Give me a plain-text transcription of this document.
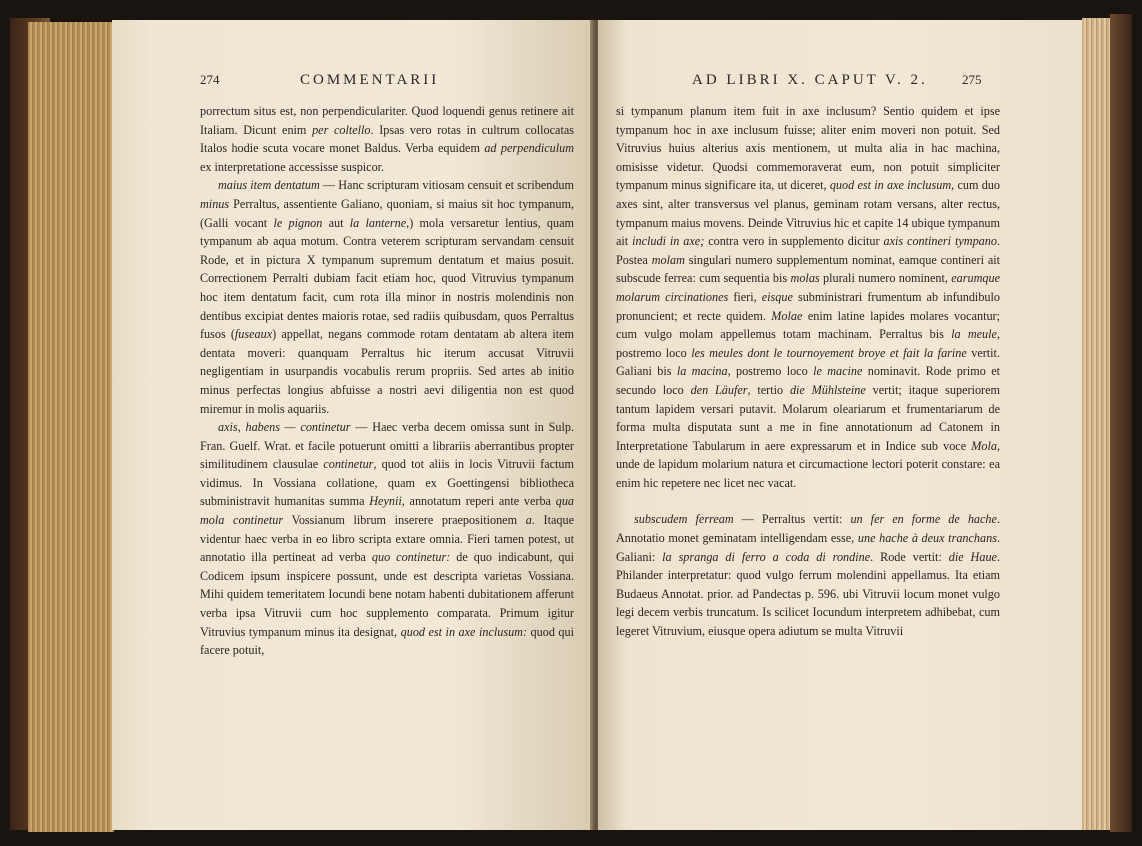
274	COMMENTARII

porrectum situs est, non perpendiculariter. Quod loquendi genus retinere ait Italiam. Dicunt enim per coltello. Ipsas vero rotas in cultrum collocatas Italos hodie scuta vocare monet Baldus. Verba equidem ad perpendiculum ex interpretatione accessisse suspicor.

maius item dentatum — Hanc scripturam vitiosam censuit et scribendum minus Perraltus, assentiente Galiano, quoniam, si maius sit hoc tympanum, (Galli vocant le pignon aut la lanterne,) mola versaretur lentius, quam tympanum ab aqua motum. Contra veterem scripturam servandam censuit Rode, et in pictura X tympanum supremum dentatum et maius posuit. Correctionem Perralti dubiam facit etiam hoc, quod Vitruvius tympanum hoc item dentatum facit, cum rota illa minor in nostris molendinis non dentibus excipiat dentes maioris rotae, sed radiis quibusdam, quos Perraltus fusos (fuseaux) appellat, negans commode rotam dentatam ab altera item dentata moveri: quanquam Perraltus hic iterum accusat Vitruvii negligentiam in usurpandis vocabulis rerum propriis. Sed artes ab initio minus perfectas longius abfuisse a nostri aevi diligentia non est quod miremur in molis aquariis.

axis, habens — continetur — Haec verba decem omissa sunt in Sulp. Fran. Guelf. Wrat. et facile potuerunt omitti a librariis aberrantibus propter similitudinem clausulae continetur, quod tot aliis in locis Vitruvii factum vidimus. In Vossiana collatione, quam ex Goettingensi bibliotheca subministravit humanitas summa Heynii, annotatum reperi ante verba qua mola continetur Vossianum librum inserere praepositionem a. Itaque videntur haec verba in eo libro scripta extare omnia. Fieri tamen potest, ut annotatio illa pertineat ad verba quo continetur: de quo indicabunt, qui Codicem ipsum inspicere possunt, unde est descripta varietas Vossiana. Mihi quidem temeritatem Iocundi bene notam habenti dubitationem afferunt verba ipsa Vitruvii cum hoc supplemento comparata. Primum igitur Vitruvius tympanum minus ita designat, quod est in axe inclusum: quod qui facere potuit,

AD LIBRI X. CAPUT V. 2.	275

si tympanum planum item fuit in axe inclusum? Sentio quidem et ipse tympanum hoc in axe inclusum fuisse; aliter enim moveri non potuit. Sed Vitruvius huius alterius axis mentionem, ut multa alia in hac machina, omisisse videtur. Quodsi commemoraverat eum, non potuit simpliciter tympanum minus significare ita, ut diceret, quod est in axe inclusum, cum duo axes sint, alter transversus vel planus, geminam rotam versans, alter rectus, tympanum maius movens. Deinde Vitruvius hic et capite 14 ubique tympanum ait includi in axe; contra vero in supplemento dicitur axis contineri tympano. Postea molam singulari numero supplementum nominat, eamque contineri ait subscude ferrea: cum sequentia bis molas plurali numero nominent, earumque molarum circinationes fieri, eisque subministrari frumentum ab infundibulo pronuncient; et recte quidem. Molae enim latine lapides molares vocantur; cum vulgo molam appellemus totam machinam. Perraltus bis la meule, postremo loco les meules dont le tournoyement broye et fait la farine vertit. Galiani bis la macina, postremo loco le macine nominavit. Rode primo et secundo loco den Läufer, tertio die Mühlsteine vertit; itaque superiorem tantum lapidem versari putavit. Molarum oleariarum et frumentariarum de forma multa disputata sunt a me in fine annotationum ad Catonem in Interpretatione Tabularum in aere expressarum et in Indice sub voce Mola, unde de lapidum molarium natura et circumactione lectori poterit constare: ea enim hic repetere nec licet nec vacat.

subscudem ferream — Perraltus vertit: un fer en forme de hache. Annotatio monet geminatam intelligendam esse, une hache à deux tranchans. Galiani: la spranga di ferro a coda di rondine. Rode vertit: die Haue. Philander interpretatur: quod vulgo ferrum molendini appellamus. Ita etiam Budaeus Annotat. prior. ad Pandectas p. 596. ubi Vitruvii locum monet vulgo legi decem verbis truncatum. Is scilicet Iocundum interpretem adhibebat, cum legeret Vitruvium, eiusque opera adiutum se multa Vitruvii
